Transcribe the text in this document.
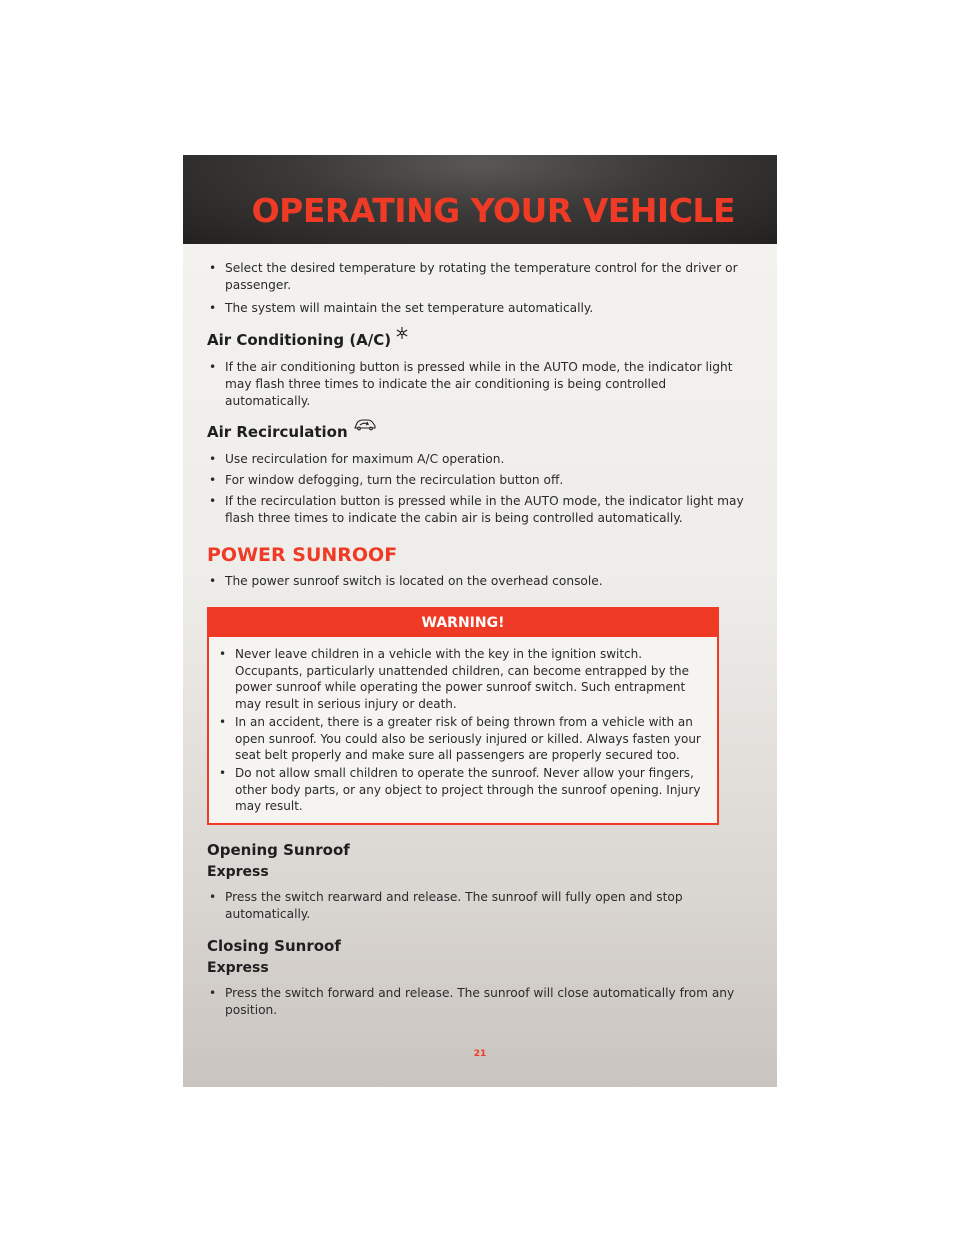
OPERATING YOUR VEHICLE
• Select the desired temperature by rotating the temperature control for the driver or passenger.
• The system will maintain the set temperature automatically.
Air Conditioning (A/C)
• If the air conditioning button is pressed while in the AUTO mode, the indicator light may flash three times to indicate the air conditioning is being controlled automatically.
Air Recirculation
• Use recirculation for maximum A/C operation.
• For window defogging, turn the recirculation button off.
• If the recirculation button is pressed while in the AUTO mode, the indicator light may flash three times to indicate the cabin air is being controlled automatically.
POWER SUNROOF
• The power sunroof switch is located on the overhead console.
WARNING!
• Never leave children in a vehicle with the key in the ignition switch. Occupants, particularly unattended children, can become entrapped by the power sunroof while operating the power sunroof switch. Such entrapment may result in serious injury or death.
• In an accident, there is a greater risk of being thrown from a vehicle with an open sunroof. You could also be seriously injured or killed. Always fasten your seat belt properly and make sure all passengers are properly secured too.
• Do not allow small children to operate the sunroof. Never allow your fingers, other body parts, or any object to project through the sunroof opening. Injury may result.
Opening Sunroof
Express
• Press the switch rearward and release. The sunroof will fully open and stop automatically.
Closing Sunroof
Express
• Press the switch forward and release. The sunroof will close automatically from any position.
21
